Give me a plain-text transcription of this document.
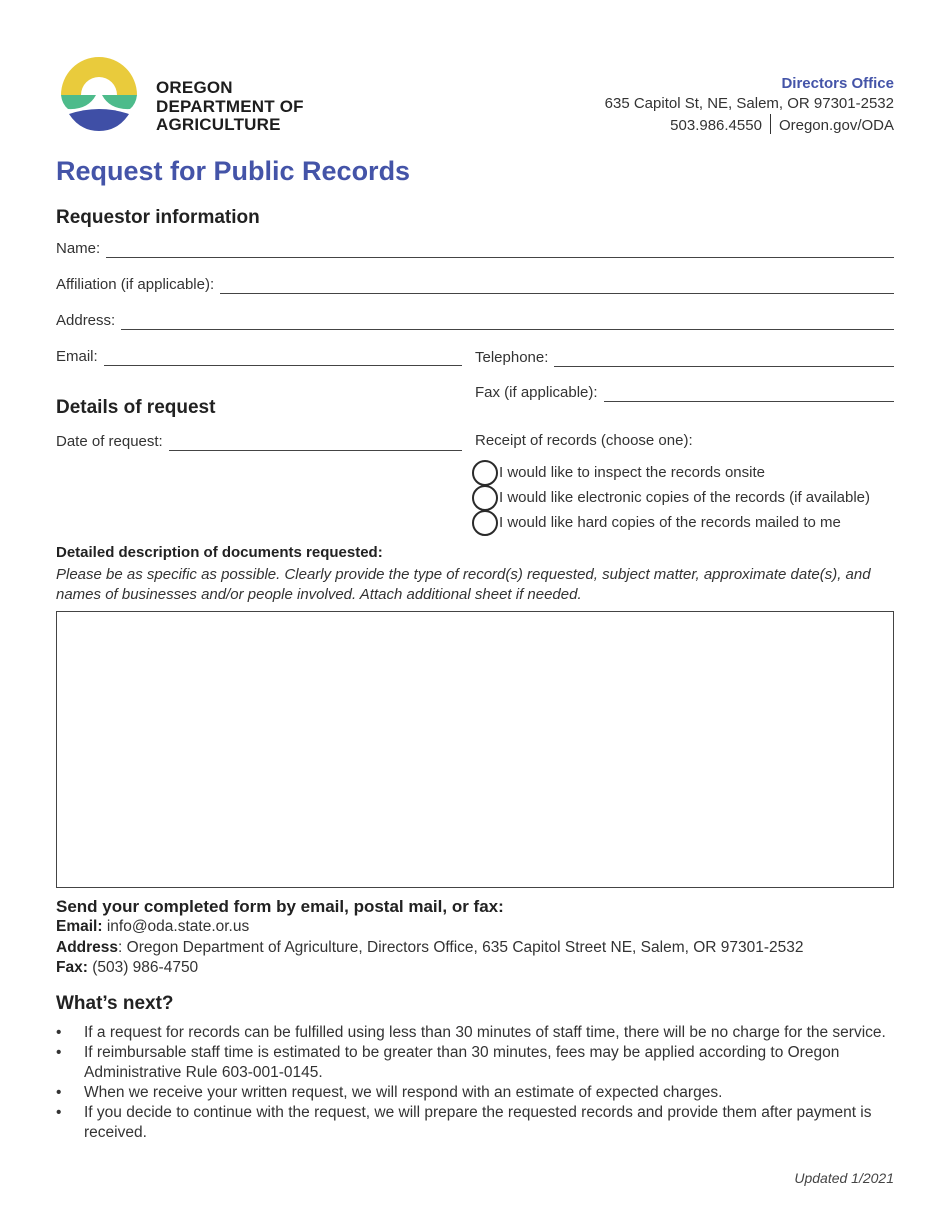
OREGON
DEPARTMENT OF
AGRICULTURE
Directors Office
635 Capitol St, NE, Salem, OR 97301-2532
503.986.4550 Oregon.gov/ODA
Request for Public Records
Requestor information
Name:
Affiliation (if applicable):
Address:
Email:	Telephone:
Fax (if applicable):
Details of request
Date of request:	Receipt of records (choose one):
I would like to inspect the records onsite
I would like electronic copies of the records (if available)
I would like hard copies of the records mailed to me
Detailed description of documents requested:
Please be as specific as possible. Clearly provide the type of record(s) requested, subject matter, approximate date(s), and names of businesses and/or people involved. Attach additional sheet if needed.
Send your completed form by email, postal mail, or fax:
Email: info@oda.state.or.us
Address: Oregon Department of Agriculture, Directors Office, 635 Capitol Street NE, Salem, OR 97301-2532
Fax: (503) 986-4750
What’s next?
• If a request for records can be fulfilled using less than 30 minutes of staff time, there will be no charge for the service.
• If reimbursable staff time is estimated to be greater than 30 minutes, fees may be applied according to Oregon Administrative Rule 603-001-0145.
• When we receive your written request, we will respond with an estimate of expected charges.
• If you decide to continue with the request, we will prepare the requested records and provide them after payment is received.
Updated 1/2021
